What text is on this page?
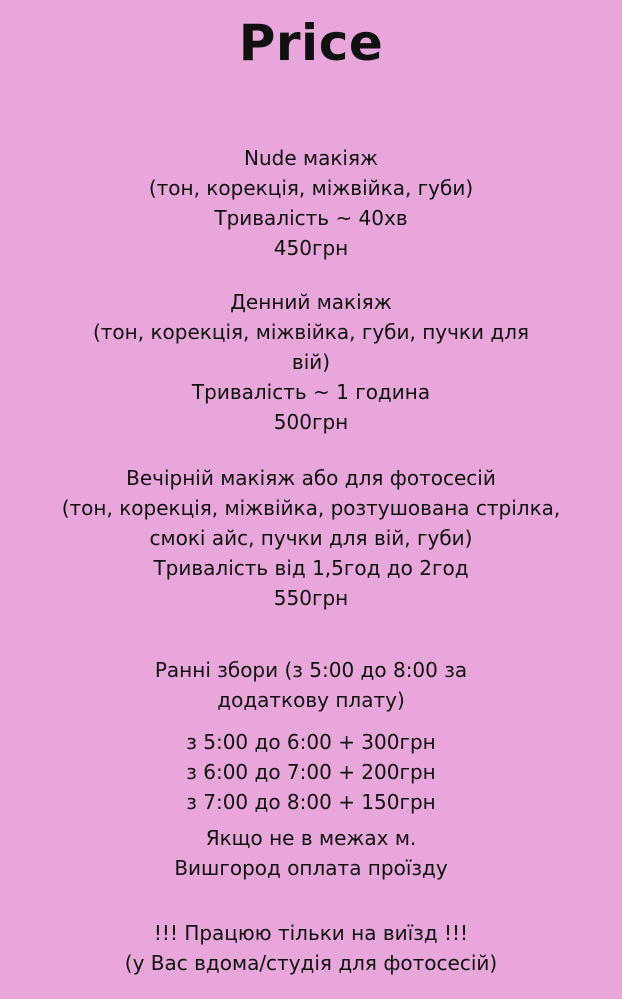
Price
Nude макіяж
(тон, корекція, міжвійка, губи)
Тривалість ~ 40хв
450грн
Денний макіяж
(тон, корекція, міжвійка, губи, пучки для
вій)
Тривалість ~ 1 година
500грн
Вечірній макіяж або для фотосесій
(тон, корекція, міжвійка, розтушована стрілка,
смокі айс, пучки для вій, губи)
Тривалість від 1,5год до 2год
550грн
Ранні збори (з 5:00 до 8:00 за
додаткову плату)
з 5:00 до 6:00 + 300грн
з 6:00 до 7:00 + 200грн
з 7:00 до 8:00 + 150грн
Якщо не в межах м.
Вишгород оплата проїзду
!!! Працюю тільки на виїзд !!!
(у Вас вдома/студія для фотосесій)
